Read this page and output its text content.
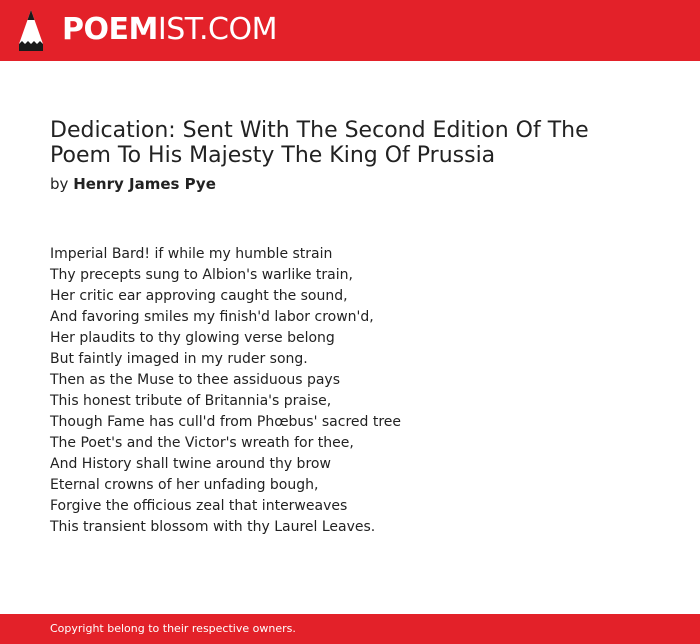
POEMIST.COM
Dedication: Sent With The Second Edition Of The Poem To His Majesty The King Of Prussia
by Henry James Pye
Imperial Bard! if while my humble strain
Thy precepts sung to Albion's warlike train,
Her critic ear approving caught the sound,
And favoring smiles my finish'd labor crown'd,
Her plaudits to thy glowing verse belong
But faintly imaged in my ruder song.
Then as the Muse to thee assiduous pays
This honest tribute of Britannia's praise,
Though Fame has cull'd from Phœbus' sacred tree
The Poet's and the Victor's wreath for thee,
And History shall twine around thy brow
Eternal crowns of her unfading bough,
Forgive the officious zeal that interweaves
This transient blossom with thy Laurel Leaves.
Copyright belong to their respective owners.
